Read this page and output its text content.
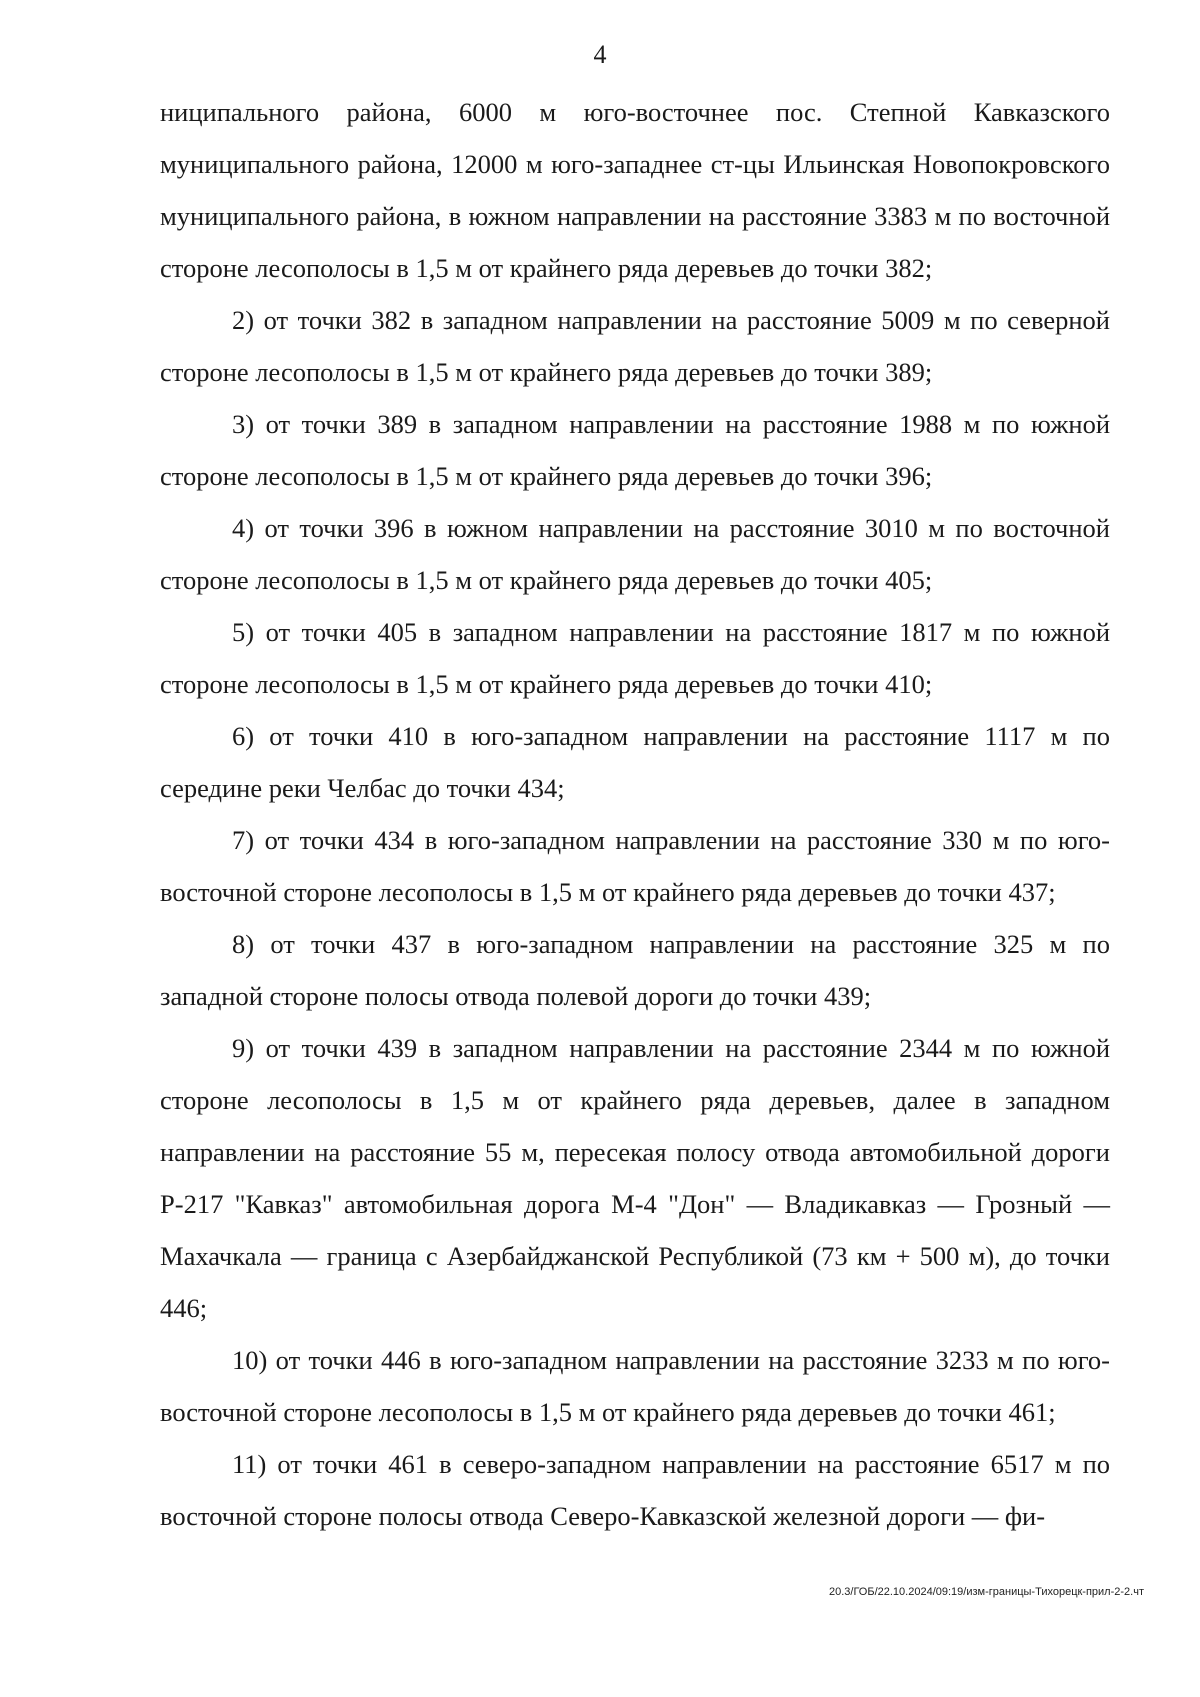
4

ниципального района, 6000 м юго-восточнее пос. Степной Кавказского муниципального района, 12000 м юго-западнее ст-цы Ильинская Новопокровского муниципального района, в южном направлении на расстояние 3383 м по восточной стороне лесополосы в 1,5 м от крайнего ряда деревьев до точки 382;

2) от точки 382 в западном направлении на расстояние 5009 м по северной стороне лесополосы в 1,5 м от крайнего ряда деревьев до точки 389;

3) от точки 389 в западном направлении на расстояние 1988 м по южной стороне лесополосы в 1,5 м от крайнего ряда деревьев до точки 396;

4) от точки 396 в южном направлении на расстояние 3010 м по восточной стороне лесополосы в 1,5 м от крайнего ряда деревьев до точки 405;

5) от точки 405 в западном направлении на расстояние 1817 м по южной стороне лесополосы в 1,5 м от крайнего ряда деревьев до точки 410;

6) от точки 410 в юго-западном направлении на расстояние 1117 м по середине реки Челбас до точки 434;

7) от точки 434 в юго-западном направлении на расстояние 330 м по юго-восточной стороне лесополосы в 1,5 м от крайнего ряда деревьев до точки 437;

8) от точки 437 в юго-западном направлении на расстояние 325 м по западной стороне полосы отвода полевой дороги до точки 439;

9) от точки 439 в западном направлении на расстояние 2344 м по южной стороне лесополосы в 1,5 м от крайнего ряда деревьев, далее в западном направлении на расстояние 55 м, пересекая полосу отвода автомобильной дороги Р-217 "Кавказ" автомобильная дорога М-4 "Дон" — Владикавказ — Грозный — Махачкала — граница с Азербайджанской Республикой (73 км + 500 м), до точки 446;

10) от точки 446 в юго-западном направлении на расстояние 3233 м по юго-восточной стороне лесополосы в 1,5 м от крайнего ряда деревьев до точки 461;

11) от точки 461 в северо-западном направлении на расстояние 6517 м по восточной стороне полосы отвода Северо-Кавказской железной дороги — фи-

20.3/ГОБ/22.10.2024/09:19/изм-границы-Тихорецк-прил-2-2.чт
